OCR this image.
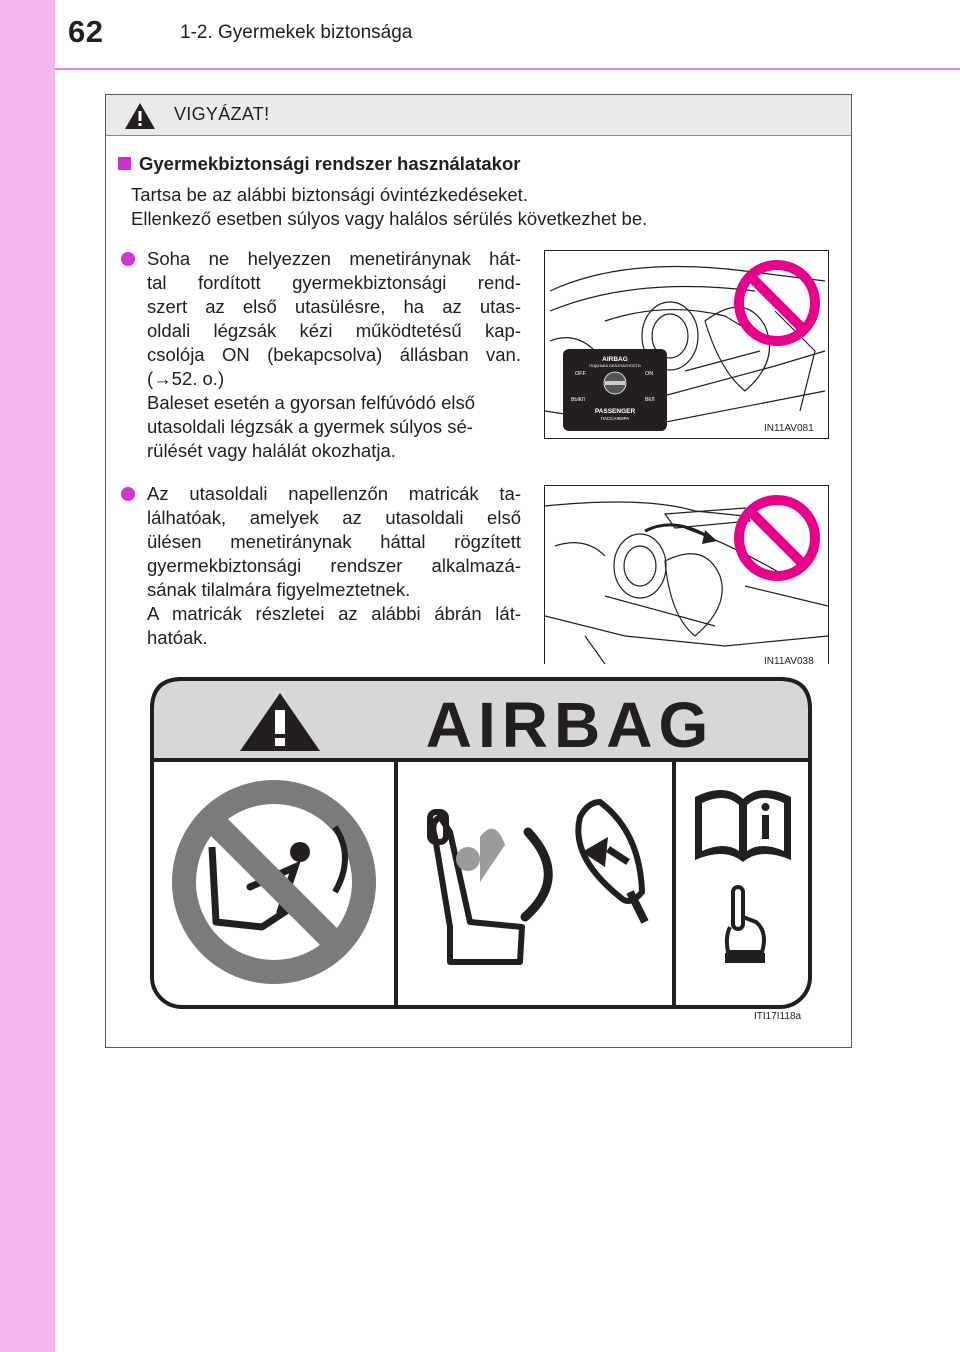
62	1-2. Gyermekek biztonsága
VIGYÁZAT!
Gyermekbiztonsági rendszer használatakor
Tartsa be az alábbi biztonsági óvintézkedéseket.
Ellenkező esetben súlyos vagy halálos sérülés következhet be.
Soha ne helyezzen menetiránynak hát-
tal fordított gyermekbiztonsági rend-
szert az első utasülésre, ha az utas-
oldali légzsák kézi működtetésű kap-
csolója ON (bekapcsolva) állásban van.
(→52. o.)
Baleset esetén a gyorsan felfúvódó első
utasoldali légzsák a gyermek súlyos sé-
rülését vagy halálát okozhatja.
AIRBAG
ПОДУШКА БЕЗОПАСНОСТИ
OFF	ON
ВЫКЛ	ВКЛ
PASSENGER
ПАССАЖИРА
IN11AV081
Az utasoldali napellenzőn matricák ta-
lálhatóak, amelyek az utasoldali első
ülésen menetiránynak háttal rögzített
gyermekbiztonsági rendszer alkalmazá-
sának tilalmára figyelmeztetnek.
A matricák részletei az alábbi ábrán lát-
hatóak.
IN11AV038
ITI17I118a
AIRBAG
